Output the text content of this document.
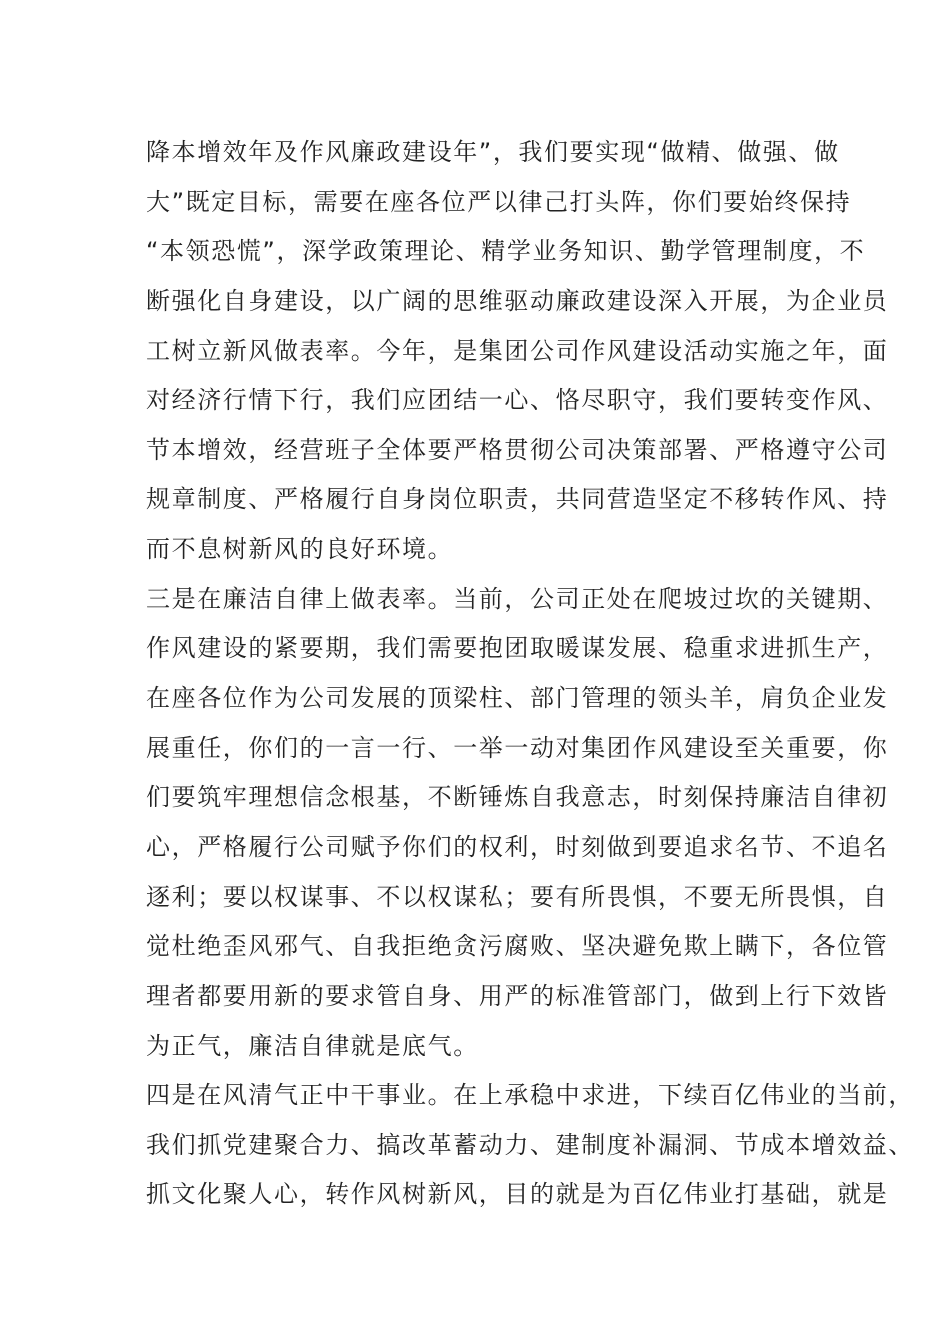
降本增效年及作风廉政建设年”，我们要实现“做精、做强、做
大”既定目标，需要在座各位严以律己打头阵，你们要始终保持
“本领恐慌”，深学政策理论、精学业务知识、勤学管理制度，不
断强化自身建设，以广阔的思维驱动廉政建设深入开展，为企业员
工树立新风做表率。今年，是集团公司作风建设活动实施之年，面
对经济行情下行，我们应团结一心、恪尽职守，我们要转变作风、
节本增效，经营班子全体要严格贯彻公司决策部署、严格遵守公司
规章制度、严格履行自身岗位职责，共同营造坚定不移转作风、持
而不息树新风的良好环境。
三是在廉洁自律上做表率。当前，公司正处在爬坡过坎的关键期、
作风建设的紧要期，我们需要抱团取暖谋发展、稳重求进抓生产，
在座各位作为公司发展的顶梁柱、部门管理的领头羊，肩负企业发
展重任，你们的一言一行、一举一动对集团作风建设至关重要，你
们要筑牢理想信念根基，不断锤炼自我意志，时刻保持廉洁自律初
心，严格履行公司赋予你们的权利，时刻做到要追求名节、不追名
逐利；要以权谋事、不以权谋私；要有所畏惧，不要无所畏惧，自
觉杜绝歪风邪气、自我拒绝贪污腐败、坚决避免欺上瞒下，各位管
理者都要用新的要求管自身、用严的标准管部门，做到上行下效皆
为正气，廉洁自律就是底气。
四是在风清气正中干事业。在上承稳中求进，下续百亿伟业的当前，
我们抓党建聚合力、搞改革蓄动力、建制度补漏洞、节成本增效益、
抓文化聚人心，转作风树新风，目的就是为百亿伟业打基础，就是
